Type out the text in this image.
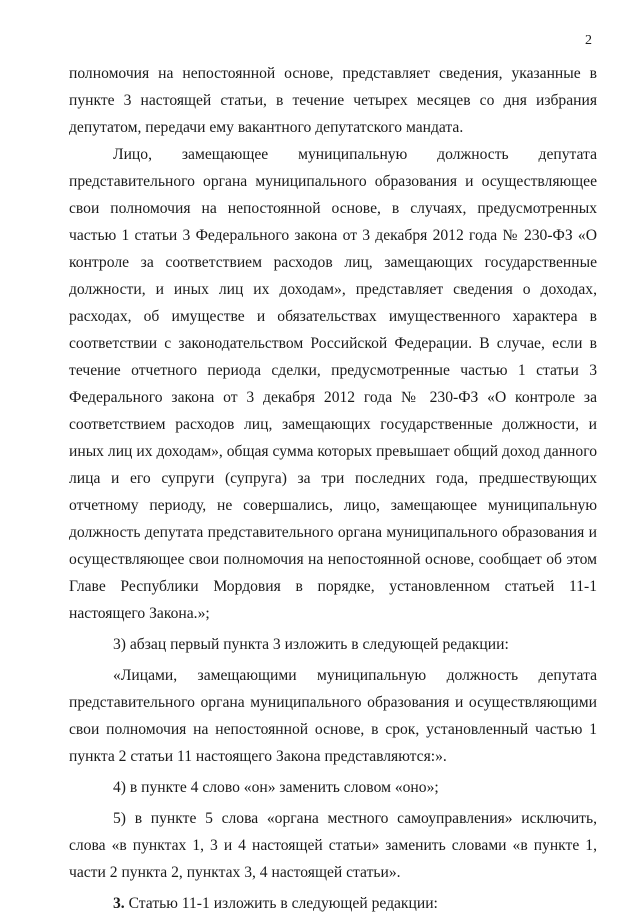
2

полномочия на непостоянной основе, представляет сведения, указанные в пункте 3 настоящей статьи, в течение четырех месяцев со дня избрания депутатом, передачи ему вакантного депутатского мандата.

Лицо, замещающее муниципальную должность депутата представительного органа муниципального образования и осуществляющее свои полномочия на непостоянной основе, в случаях, предусмотренных частью 1 статьи 3 Федерального закона от 3 декабря 2012 года № 230-ФЗ «О контроле за соответствием расходов лиц, замещающих государственные должности, и иных лиц их доходам», представляет сведения о доходах, расходах, об имуществе и обязательствах имущественного характера в соответствии с законодательством Российской Федерации. В случае, если в течение отчетного периода сделки, предусмотренные частью 1 статьи 3 Федерального закона от 3 декабря 2012 года № 230-ФЗ «О контроле за соответствием расходов лиц, замещающих государственные должности, и иных лиц их доходам», общая сумма которых превышает общий доход данного лица и его супруги (супруга) за три последних года, предшествующих отчетному периоду, не совершались, лицо, замещающее муниципальную должность депутата представительного органа муниципального образования и осуществляющее свои полномочия на непостоянной основе, сообщает об этом Главе Республики Мордовия в порядке, установленном статьей 11-1 настоящего Закона.»;

3) абзац первый пункта 3 изложить в следующей редакции:

«Лицами, замещающими муниципальную должность депутата представительного органа муниципального образования и осуществляющими свои полномочия на непостоянной основе, в срок, установленный частью 1 пункта 2 статьи 11 настоящего Закона представляются:».

4) в пункте 4 слово «он» заменить словом «оно»;

5) в пункте 5 слова «органа местного самоуправления» исключить, слова «в пунктах 1, 3 и 4 настоящей статьи» заменить словами «в пункте 1, части 2 пункта 2, пунктах 3, 4 настоящей статьи».

3. Статью 11-1 изложить в следующей редакции:
